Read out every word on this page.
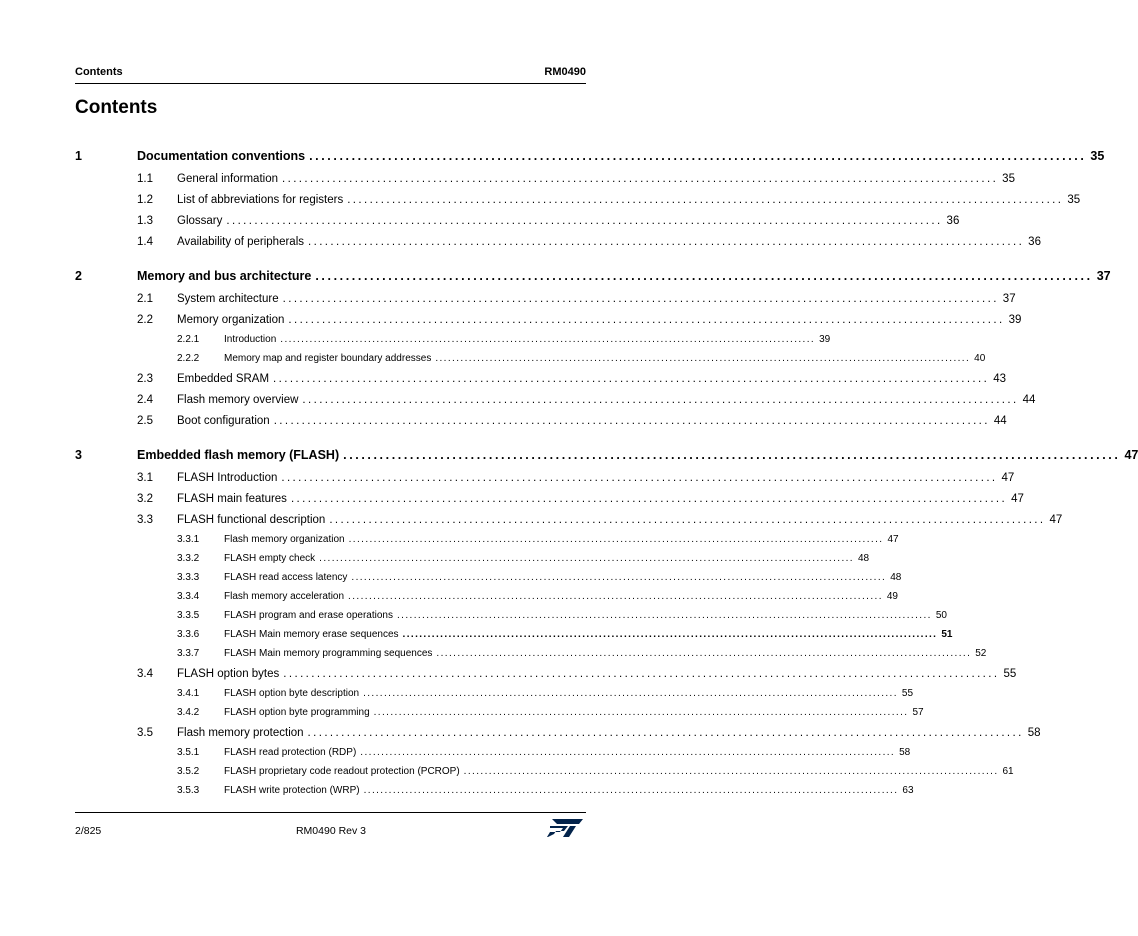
Contents	RM0490
Contents
1	Documentation conventions ................................................................................................................................ 35
1.1 General information ................................................................................................................................ 35
1.2 List of abbreviations for registers ................................................................................................................................ 35
1.3 Glossary ................................................................................................................................ 36
1.4 Availability of peripherals ................................................................................................................................ 36
2	Memory and bus architecture ................................................................................................................................ 37
2.1 System architecture ................................................................................................................................ 37
2.2 Memory organization ................................................................................................................................ 39
2.2.1 Introduction ................................................................................................................................ 39
2.2.2 Memory map and register boundary addresses ................................................................................................................................ 40
2.3 Embedded SRAM ................................................................................................................................ 43
2.4 Flash memory overview ................................................................................................................................ 44
2.5 Boot configuration ................................................................................................................................ 44
3	Embedded flash memory (FLASH) ................................................................................................................................ 47
3.1 FLASH Introduction ................................................................................................................................ 47
3.2 FLASH main features ................................................................................................................................ 47
3.3 FLASH functional description ................................................................................................................................ 47
3.3.1 Flash memory organization ................................................................................................................................ 47
3.3.2 FLASH empty check ................................................................................................................................ 48
3.3.3 FLASH read access latency ................................................................................................................................ 48
3.3.4 Flash memory acceleration ................................................................................................................................ 49
3.3.5 FLASH program and erase operations ................................................................................................................................ 50
3.3.6 FLASH Main memory erase sequences ................................................................................................................................ 51
3.3.7 FLASH Main memory programming sequences ................................................................................................................................ 52
3.4 FLASH option bytes ................................................................................................................................ 55
3.4.1 FLASH option byte description ................................................................................................................................ 55
3.4.2 FLASH option byte programming ................................................................................................................................ 57
3.5 Flash memory protection ................................................................................................................................ 58
3.5.1 FLASH read protection (RDP) ................................................................................................................................ 58
3.5.2 FLASH proprietary code readout protection (PCROP) ................................................................................................................................ 61
3.5.3 FLASH write protection (WRP) ................................................................................................................................ 63
2/825	RM0490 Rev 3
ST
